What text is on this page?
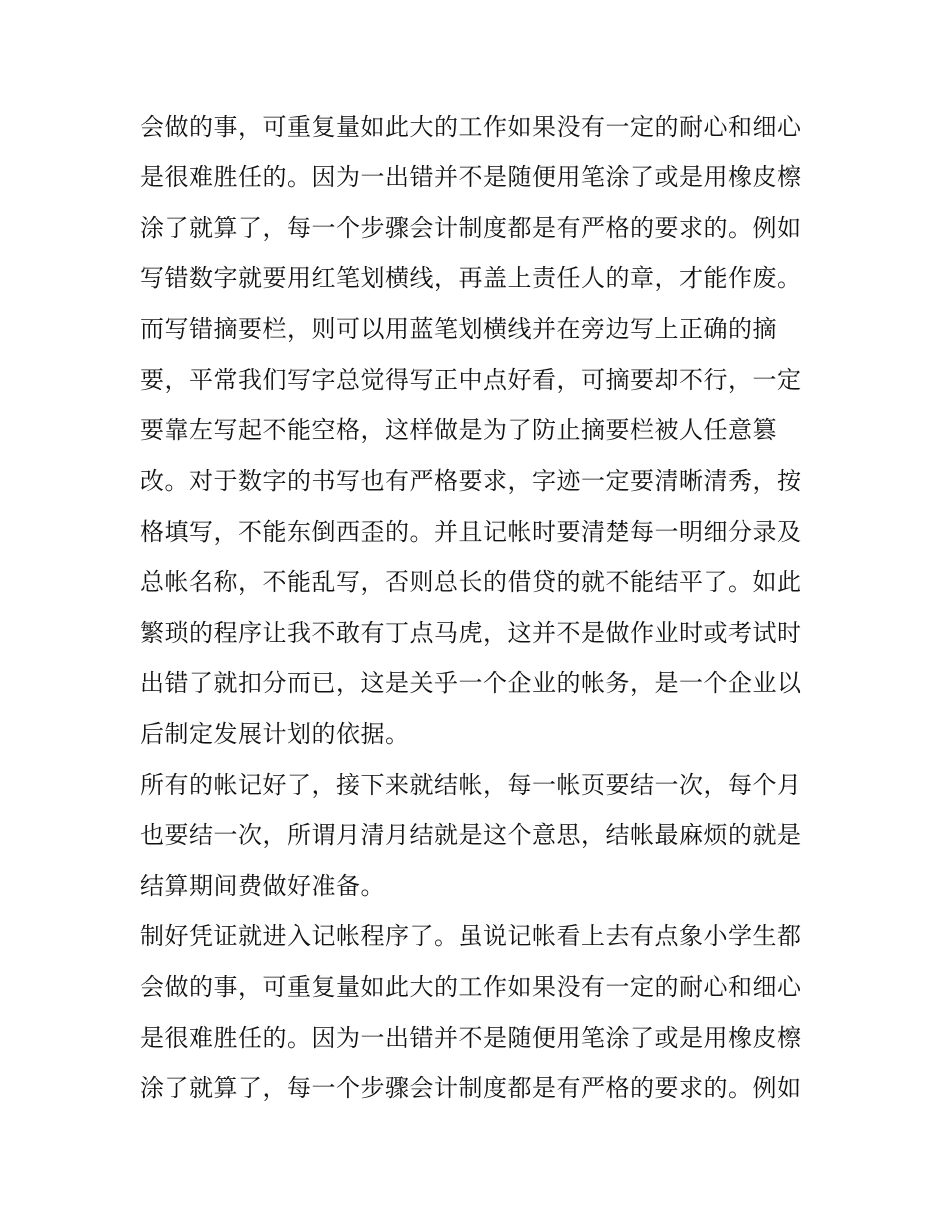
会做的事，可重复量如此大的工作如果没有一定的耐心和细心
是很难胜任的。因为一出错并不是随便用笔涂了或是用橡皮檫
涂了就算了，每一个步骤会计制度都是有严格的要求的。例如
写错数字就要用红笔划横线，再盖上责任人的章，才能作废。
而写错摘要栏，则可以用蓝笔划横线并在旁边写上正确的摘
要，平常我们写字总觉得写正中点好看，可摘要却不行，一定
要靠左写起不能空格，这样做是为了防止摘要栏被人任意篡
改。对于数字的书写也有严格要求，字迹一定要清晰清秀，按
格填写，不能东倒西歪的。并且记帐时要清楚每一明细分录及
总帐名称，不能乱写，否则总长的借贷的就不能结平了。如此
繁琐的程序让我不敢有丁点马虎，这并不是做作业时或考试时
出错了就扣分而已，这是关乎一个企业的帐务，是一个企业以
后制定发展计划的依据。
所有的帐记好了，接下来就结帐，每一帐页要结一次，每个月
也要结一次，所谓月清月结就是这个意思，结帐最麻烦的就是
结算期间费做好准备。
制好凭证就进入记帐程序了。虽说记帐看上去有点象小学生都
会做的事，可重复量如此大的工作如果没有一定的耐心和细心
是很难胜任的。因为一出错并不是随便用笔涂了或是用橡皮檫
涂了就算了，每一个步骤会计制度都是有严格的要求的。例如
